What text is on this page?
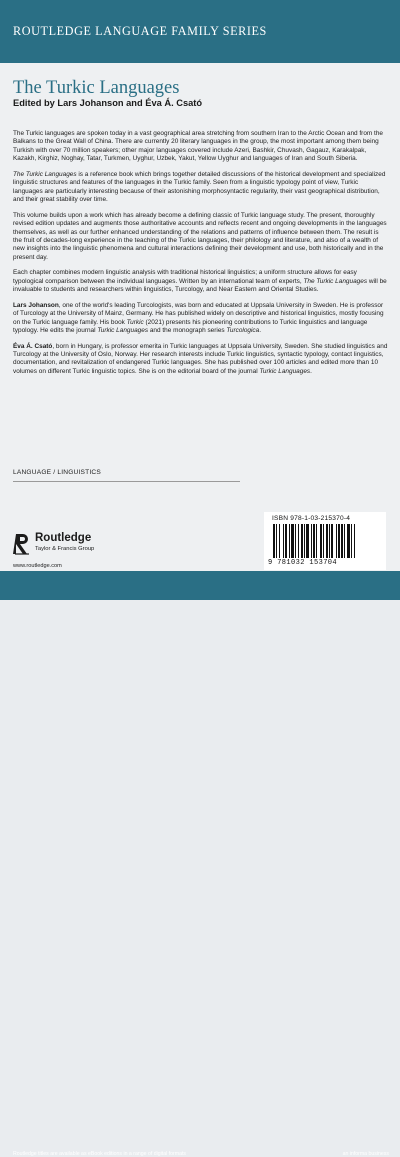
ROUTLEDGE LANGUAGE FAMILY SERIES
The Turkic Languages
Edited by Lars Johanson and Éva Á. Csató

The Turkic languages are spoken today in a vast geographical area stretching from southern Iran to the Arctic Ocean and from the Balkans to the Great Wall of China. There are currently 20 literary languages in the group, the most important among them being Turkish with over 70 million speakers; other major languages covered include Azeri, Bashkir, Chuvash, Gagauz, Karakalpak, Kazakh, Kirghiz, Noghay, Tatar, Turkmen, Uyghur, Uzbek, Yakut, Yellow Uyghur and languages of Iran and South Siberia.

The Turkic Languages is a reference book which brings together detailed discussions of the historical development and specialized linguistic structures and features of the languages in the Turkic family. Seen from a linguistic typology point of view, Turkic languages are particularly interesting because of their astonishing morphosyntactic regularity, their vast geographical distribution, and their great stability over time.

This volume builds upon a work which has already become a defining classic of Turkic language study. The present, thoroughly revised edition updates and augments those authoritative accounts and reflects recent and ongoing developments in the languages themselves, as well as our further enhanced understanding of the relations and patterns of influence between them. The result is the fruit of decades-long experience in the teaching of the Turkic languages, their philology and literature, and also of a wealth of new insights into the linguistic phenomena and cultural interactions defining their development and use, both historically and in the present day.

Each chapter combines modern linguistic analysis with traditional historical linguistics; a uniform structure allows for easy typological comparison between the individual languages. Written by an international team of experts, The Turkic Languages will be invaluable to students and researchers within linguistics, Turcology, and Near Eastern and Oriental Studies.

Lars Johanson, one of the world's leading Turcologists, was born and educated at Uppsala University in Sweden. He is professor of Turcology at the University of Mainz, Germany. He has published widely on descriptive and historical linguistics, mostly focusing on the Turkic language family. His book Turkic (2021) presents his pioneering contributions to Turkic linguistics and language typology. He edits the journal Turkic Languages and the monograph series Turcologica.

Éva Á. Csató, born in Hungary, is professor emerita in Turkic languages at Uppsala University, Sweden. She studied linguistics and Turcology at the University of Oslo, Norway. Her research interests include Turkic linguistics, syntactic typology, contact linguistics, documentation, and revitalization of endangered Turkic languages. She has published over 100 articles and edited more than 10 volumes on different Turkic linguistic topics. She is on the editorial board of the journal Turkic Languages.

LANGUAGE / LINGUISTICS
Routledge
Taylor & Francis Group
www.routledge.com
ISBN 978-1-03-215370-4
9 781032 153704
Routledge titles are available as eBook editions in a range of digital formats	an informa business
